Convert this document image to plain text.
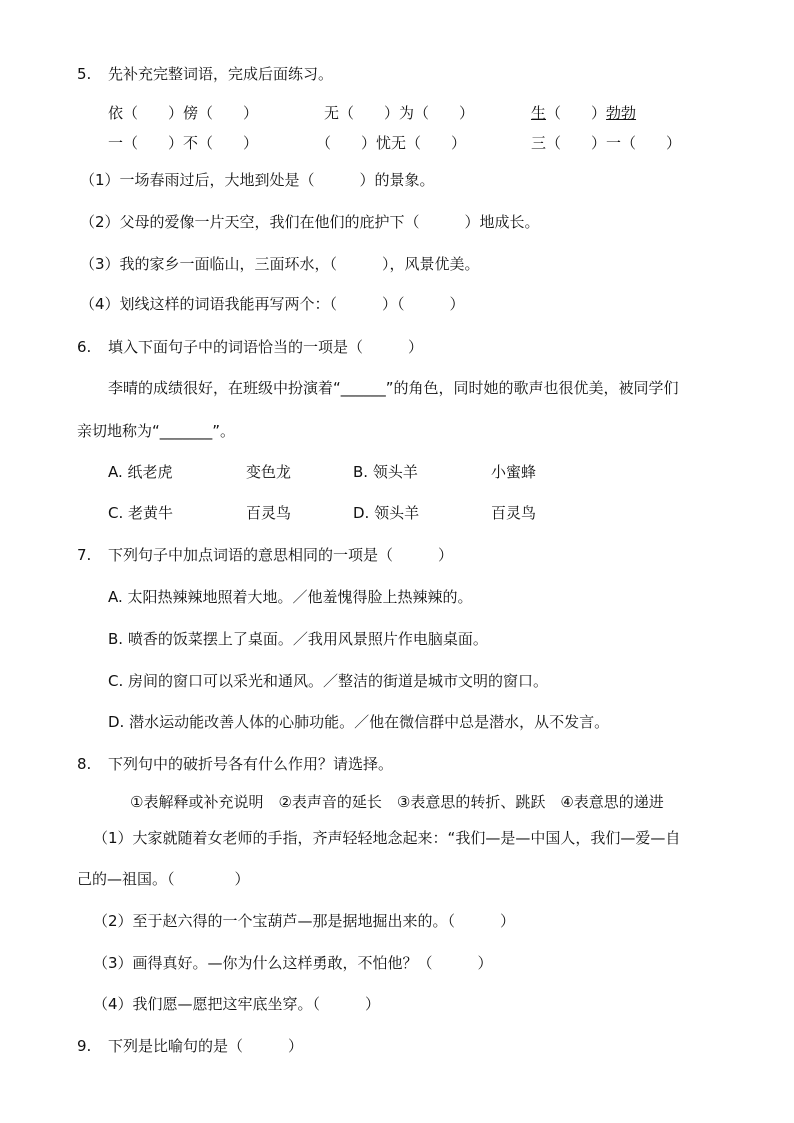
5. 先补充完整词语，完成后面练习。
依（　　）傍（　　）	无（　　）为（　　）	生（　　）勃勃
一（　　）不（　　）	（　　）忧无（　　）	三（　　）一（　　）
（1）一场春雨过后，大地到处是（　　　）的景象。
（2）父母的爱像一片天空，我们在他们的庇护下（　　　）地成长。
（3）我的家乡一面临山，三面环水，（　　　），风景优美。
（4）划线这样的词语我能再写两个：（　　　）（　　　）
6. 填入下面句子中的词语恰当的一项是（　　　）
李晴的成绩很好，在班级中扮演着“______”的角色，同时她的歌声也很优美，被同学们
亲切地称为“_______”。
A. 纸老虎	变色龙	B. 领头羊	小蜜蜂
C. 老黄牛	百灵鸟	D. 领头羊	百灵鸟
7. 下列句子中加点词语的意思相同的一项是（　　　）
A. 太阳热辣辣地照着大地。／他羞愧得脸上热辣辣的。
B. 喷香的饭菜摆上了桌面。／我用风景照片作电脑桌面。
C. 房间的窗口可以采光和通风。／整洁的街道是城市文明的窗口。
D. 潜水运动能改善人体的心肺功能。／他在微信群中总是潜水，从不发言。
8. 下列句中的破折号各有什么作用？请选择。
①表解释或补充说明　②表声音的延长　③表意思的转折、跳跃　④表意思的递进
（1）大家就随着女老师的手指，齐声轻轻地念起来：“我们—是—中国人，我们—爱—自
己的—祖国。（　　　　）
（2）至于赵六得的一个宝葫芦—那是据地掘出来的。（　　　）
（3）画得真好。—你为什么这样勇敢，不怕他？（　　　）
（4）我们愿—愿把这牢底坐穿。（　　　）
9. 下列是比喻句的是（　　　）
